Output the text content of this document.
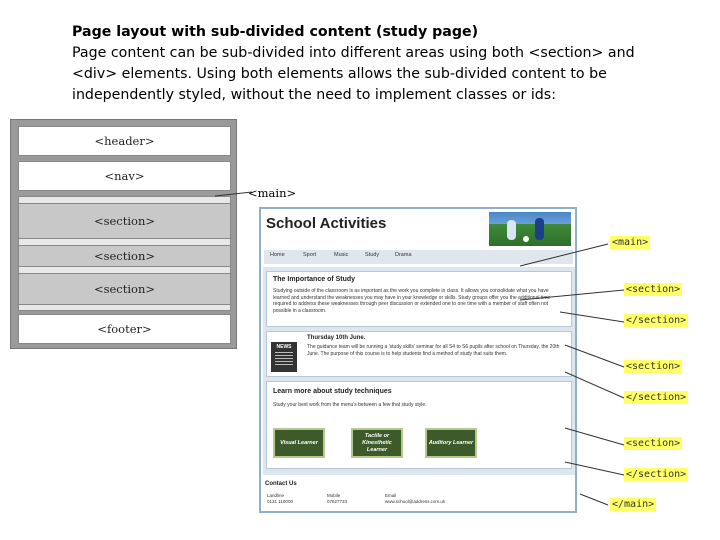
Page layout with sub-divided content (study page)
Page content can be sub-divided into different areas using both <section> and <div> elements. Using both elements allows the sub-divided content to be independently styled, without the need to implement classes or ids:
<header>
<nav>
<section>
<section>
<section>
<footer>
<main>
School Activities
Home	Sport	Music	Study	Drama
The Importance of Study
Studying outside of the classroom is as important as the work you complete in class. It allows you consolidate what you have learned and understand the weaknesses you may have in your knowledge or skills. Study groups offer you the additional time required to address these weaknesses through peer discussion or extended one to one time with a member of staff often not possible in a classroom.
NEWS
Thursday 10th June.
The guidance team will be running a 'study skills' seminar for all S4 to S6 pupils after school on Thursday, the 20th June. The purpose of this course is to help students find a method of study that suits them.
Learn more about study techniques
Study your best work from the menu's between a few that study style.
Visual Learner
Tactile or Kinesthetic Learner
Auditory Learner
Contact Us
Landline
0131 110000
Mobile
07627733
Email
www.school@address.com.uk
<main>
<section>
</section>
<section>
</section>
<section>
</section>
</main>
